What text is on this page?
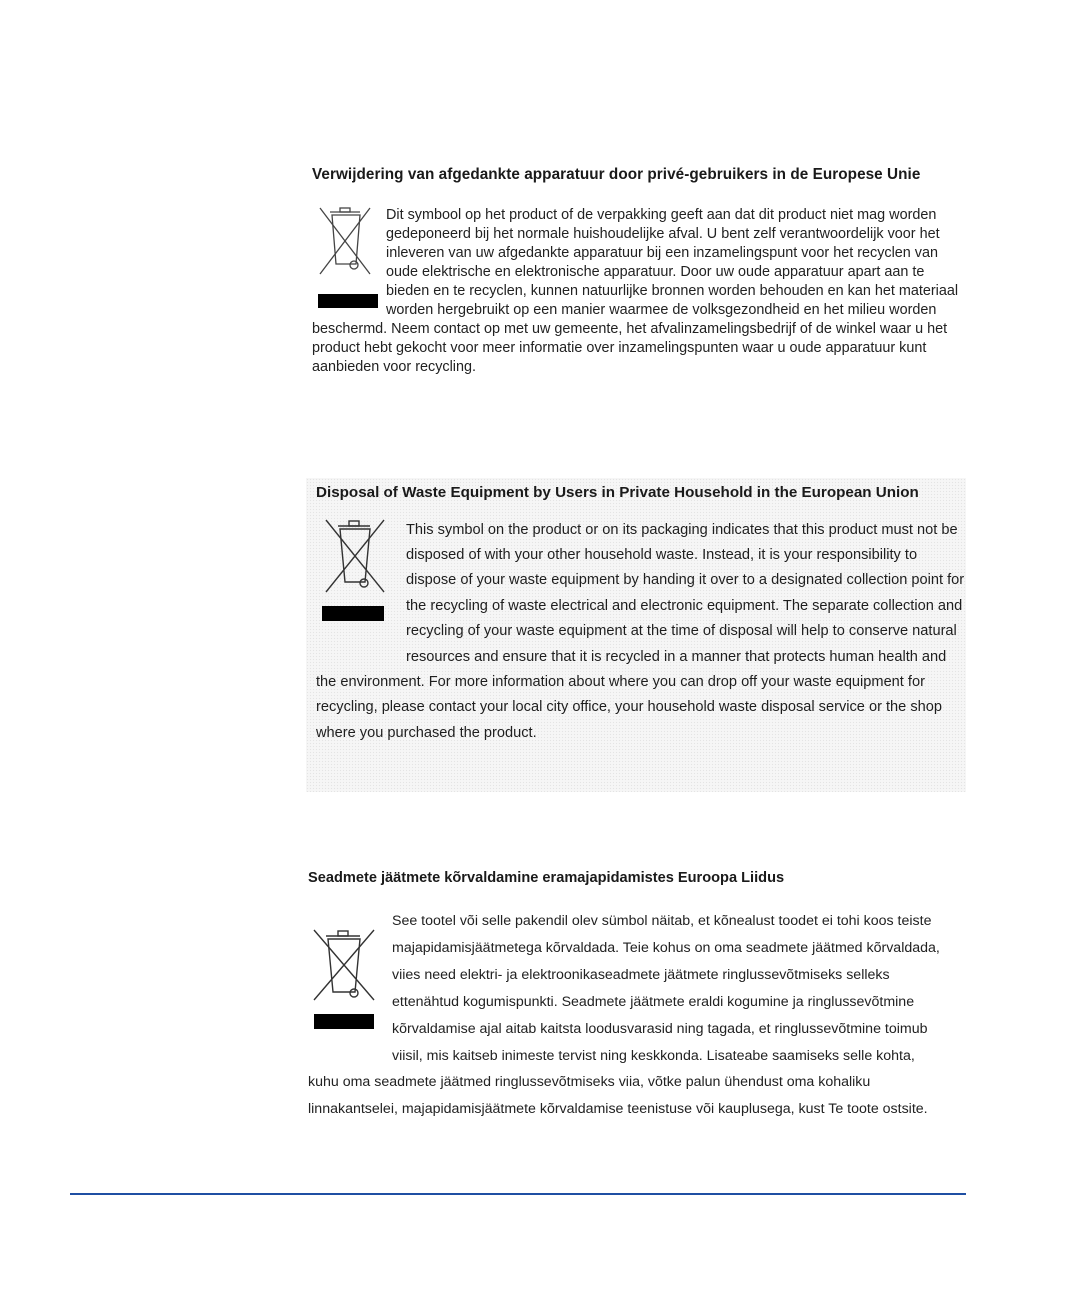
Verwijdering van afgedankte apparatuur door privé-gebruikers in de Europese Unie

Dit symbool op het product of de verpakking geeft aan dat dit product niet mag worden gedeponeerd bij het normale huishoudelijke afval. U bent zelf verantwoordelijk voor het inleveren van uw afgedankte apparatuur bij een inzamelingspunt voor het recyclen van oude elektrische en elektronische apparatuur. Door uw oude apparatuur apart aan te bieden en te recyclen, kunnen natuurlijke bronnen worden behouden en kan het materiaal worden hergebruikt op een manier waarmee de volksgezondheid en het milieu worden beschermd. Neem contact op met uw gemeente, het afvalinzamelingsbedrijf of de winkel waar u het product hebt gekocht voor meer informatie over inzamelingspunten waar u oude apparatuur kunt aanbieden voor recycling.

Disposal of Waste Equipment by Users in Private Household in the European Union

This symbol on the product or on its packaging indicates that this product must not be disposed of with your other household waste. Instead, it is your responsibility to dispose of your waste equipment by handing it over to a designated collection point for the recycling of waste electrical and electronic equipment. The separate collection and recycling of your waste equipment at the time of disposal will help to conserve natural resources and ensure that it is recycled in a manner that protects human health and the environment. For more information about where you can drop off your waste equipment for recycling, please contact your local city office, your household waste disposal service or the shop where you purchased the product.

Seadmete jäätmete kõrvaldamine eramajapidamistes Euroopa Liidus

See tootel või selle pakendil olev sümbol näitab, et kõnealust toodet ei tohi koos teiste majapidamisjäätmetega kõrvaldada. Teie kohus on oma seadmete jäätmed kõrvaldada, viies need elektri- ja elektroonikaseadmete jäätmete ringlussevõtmiseks selleks ettenähtud kogumispunkti. Seadmete jäätmete eraldi kogumine ja ringlussevõtmine kõrvaldamise ajal aitab kaitsta loodusvarasid ning tagada, et ringlussevõtmine toimub viisil, mis kaitseb inimeste tervist ning keskkonda. Lisateabe saamiseks selle kohta, kuhu oma seadmete jäätmed ringlussevõtmiseks viia, võtke palun ühendust oma kohaliku linnakantselei, majapidamisjäätmete kõrvaldamise teenistuse või kauplusega, kust Te toote ostsite.
